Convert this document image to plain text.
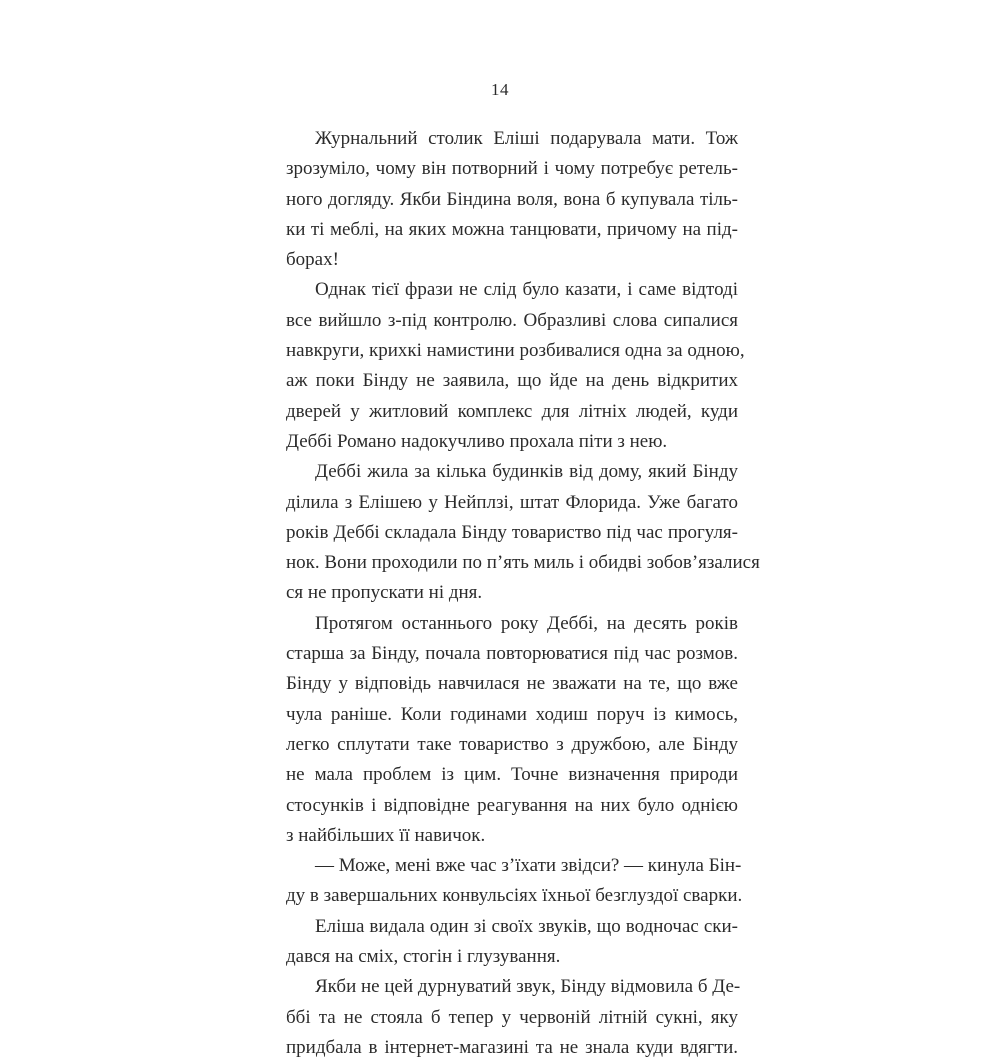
14

Журнальний столик Еліші подарувала мати. Тож
зрозуміло, чому він потворний і чому потребує ретель-
ного догляду. Якби Біндина воля, вона б купувала тіль-
ки ті меблі, на яких можна танцювати, причому на під-
борах!

Однак тієї фрази не слід було казати, і саме відтоді
все вийшло з-під контролю. Образливі слова сипалися
навкруги, крихкі намистини розбивалися одна за одною,
аж поки Бінду не заявила, що йде на день відкритих
дверей у житловий комплекс для літніх людей, куди
Деббі Романо надокучливо прохала піти з нею.

Деббі жила за кілька будинків від дому, який Бінду
ділила з Елішею у Нейплзі, штат Флорида. Уже багато
років Деббі складала Бінду товариство під час прогуля-
нок. Вони проходили по п’ять миль і обидві зобов’язалися
ся не пропускати ні дня.

Протягом останнього року Деббі, на десять років
старша за Бінду, почала повторюватися під час розмов.
Бінду у відповідь навчилася не зважати на те, що вже
чула раніше. Коли годинами ходиш поруч із кимось,
легко сплутати таке товариство з дружбою, але Бінду
не мала проблем із цим. Точне визначення природи
стосунків і відповідне реагування на них було однією
з найбільших її навичок.

— Може, мені вже час з’їхати звідси? — кинула Бін-
ду в завершальних конвульсіях їхньої безглуздої сварки.

Еліша видала один зі своїх звуків, що водночас ски-
дався на сміх, стогін і глузування.

Якби не цей дурнуватий звук, Бінду відмовила б Де-
ббі та не стояла б тепер у червоній літній сукні, яку
придбала в інтернет-магазині та не знала куди вдягти.
